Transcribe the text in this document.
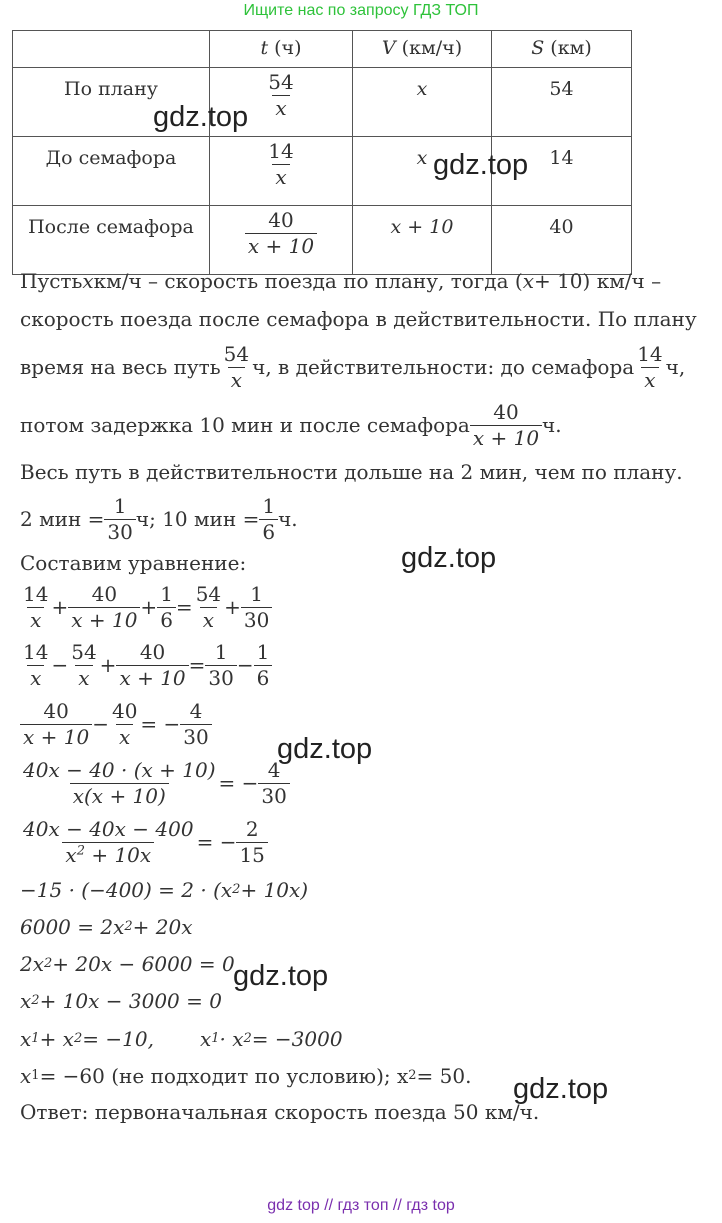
Ищите нас по запросу ГДЗ ТОП
	t (ч)	V (км/ч)	S (км)
По плану	$\frac{54}{x}$	x	54
До семафора	$\frac{14}{x}$	x	14
После семафора	$\frac{40}{x + 10}$	x + 10	40
Пусть x км/ч – скорость поезда по плану, тогда ( x + 10) км/ч –
скорость поезда после семафора в действительности. По плану
время на весь путь $\frac{54}{x} ч$, в действительности: до семафора $\frac{14}{x} ч$,
потом задержка 10 мин и после семафора $\frac{40}{x + 10} ч$.
Весь путь в действительности дольше на 2 мин, чем по плану.
2 мин = $\frac{1}{30} ч$; 10 мин = $\frac{1}{6} ч$.
Составим уравнение:
$\frac{14}{x} + \frac{40}{x + 10} + \frac{1}{6} = \frac{54}{x} + \frac{1}{30}$
$\frac{14}{x} - \frac{54}{x} + \frac{40}{x + 10} = \frac{1}{30} - \frac{1}{6}$
$\frac{40}{x + 10} - \frac{40}{x}$ = − $\frac{4}{30}$
$\frac{40x - 40 \cdot (x + 10)}{x(x + 10)}$ = − $\frac{4}{30}$
$\frac{40x - 40x - 400}{x^2 + 10x}$ = − $\frac{2}{15}$
−15 · (−400) = 2 · (x 2 + 10x)
6000 = 2x 2 + 20x
2x 2 + 20x − 6000 = 0
x 2 + 10x − 3000 = 0
x 1 + x 2 = −10, x 1 · x 2 = −3000
x 1 = −60 (не подходит по условию); x 2 = 50.
Ответ: первоначальная скорость поезда 50 км/ч.
gdz.top
gdz.top
gdz.top
gdz.top
gdz.top
gdz.top
gdz top // гдз топ // гдз top
